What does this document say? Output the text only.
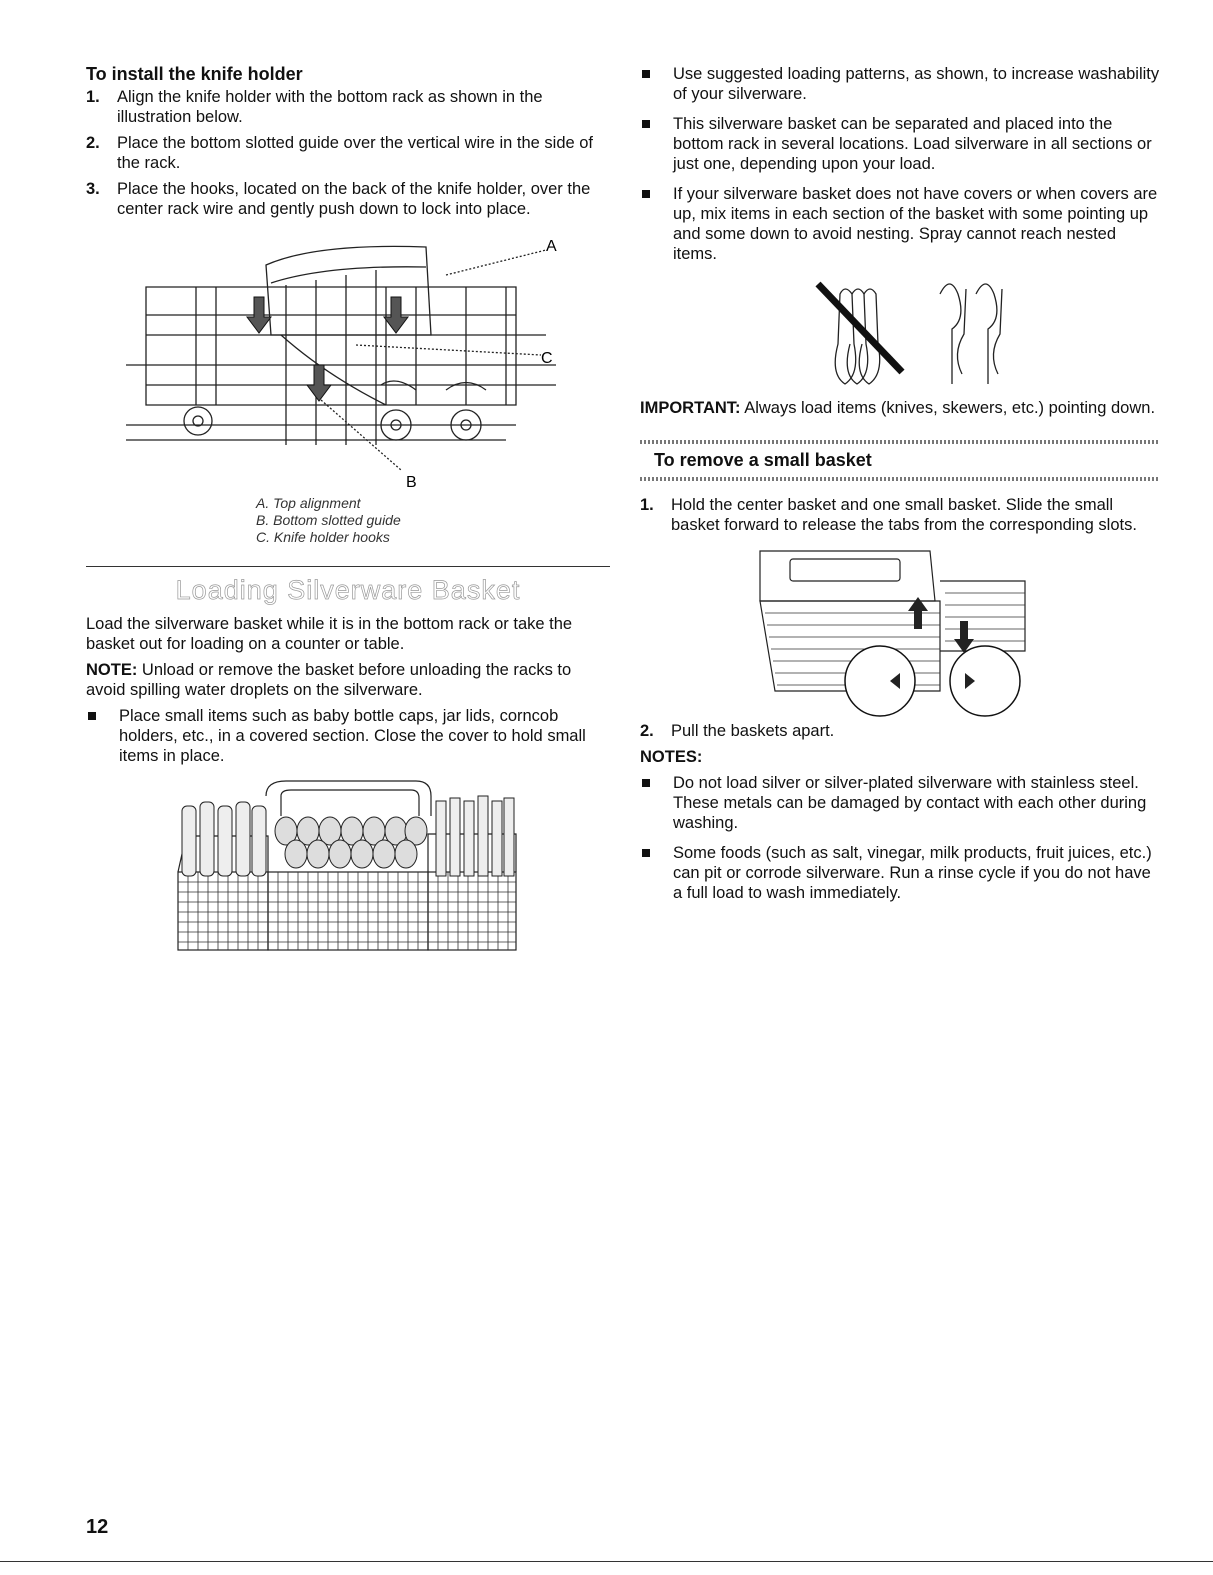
To install the knife holder
1. Align the knife holder with the bottom rack as shown in the illustration below.
2. Place the bottom slotted guide over the vertical wire in the side of the rack.
3. Place the hooks, located on the back of the knife holder, over the center rack wire and gently push down to lock into place.
A
C
B

A. Top alignment

B. Bottom slotted guide

C. Knife holder hooks

Loading Silverware Basket

Load the silverware basket while it is in the bottom rack or take the basket out for loading on a counter or table.

NOTE: Unload or remove the basket before unloading the racks to avoid spilling water droplets on the silverware.

Place small items such as baby bottle caps, jar lids, corncob holders, etc., in a covered section. Close the cover to hold small items in place.
Use suggested loading patterns, as shown, to increase washability of your silverware.
This silverware basket can be separated and placed into the bottom rack in several locations. Load silverware in all sections or just one, depending upon your load.
If your silverware basket does not have covers or when covers are up, mix items in each section of the basket with some pointing up and some down to avoid nesting. Spray cannot reach nested items.

IMPORTANT: Always load items (knives, skewers, etc.) pointing down.

To remove a small basket
1. Hold the center basket and one small basket. Slide the small basket forward to release the tabs from the corresponding slots.
2. Pull the baskets apart.

NOTES:

Do not load silver or silver-plated silverware with stainless steel. These metals can be damaged by contact with each other during washing.
Some foods (such as salt, vinegar, milk products, fruit juices, etc.) can pit or corrode silverware. Run a rinse cycle if you do not have a full load to wash immediately.
12
